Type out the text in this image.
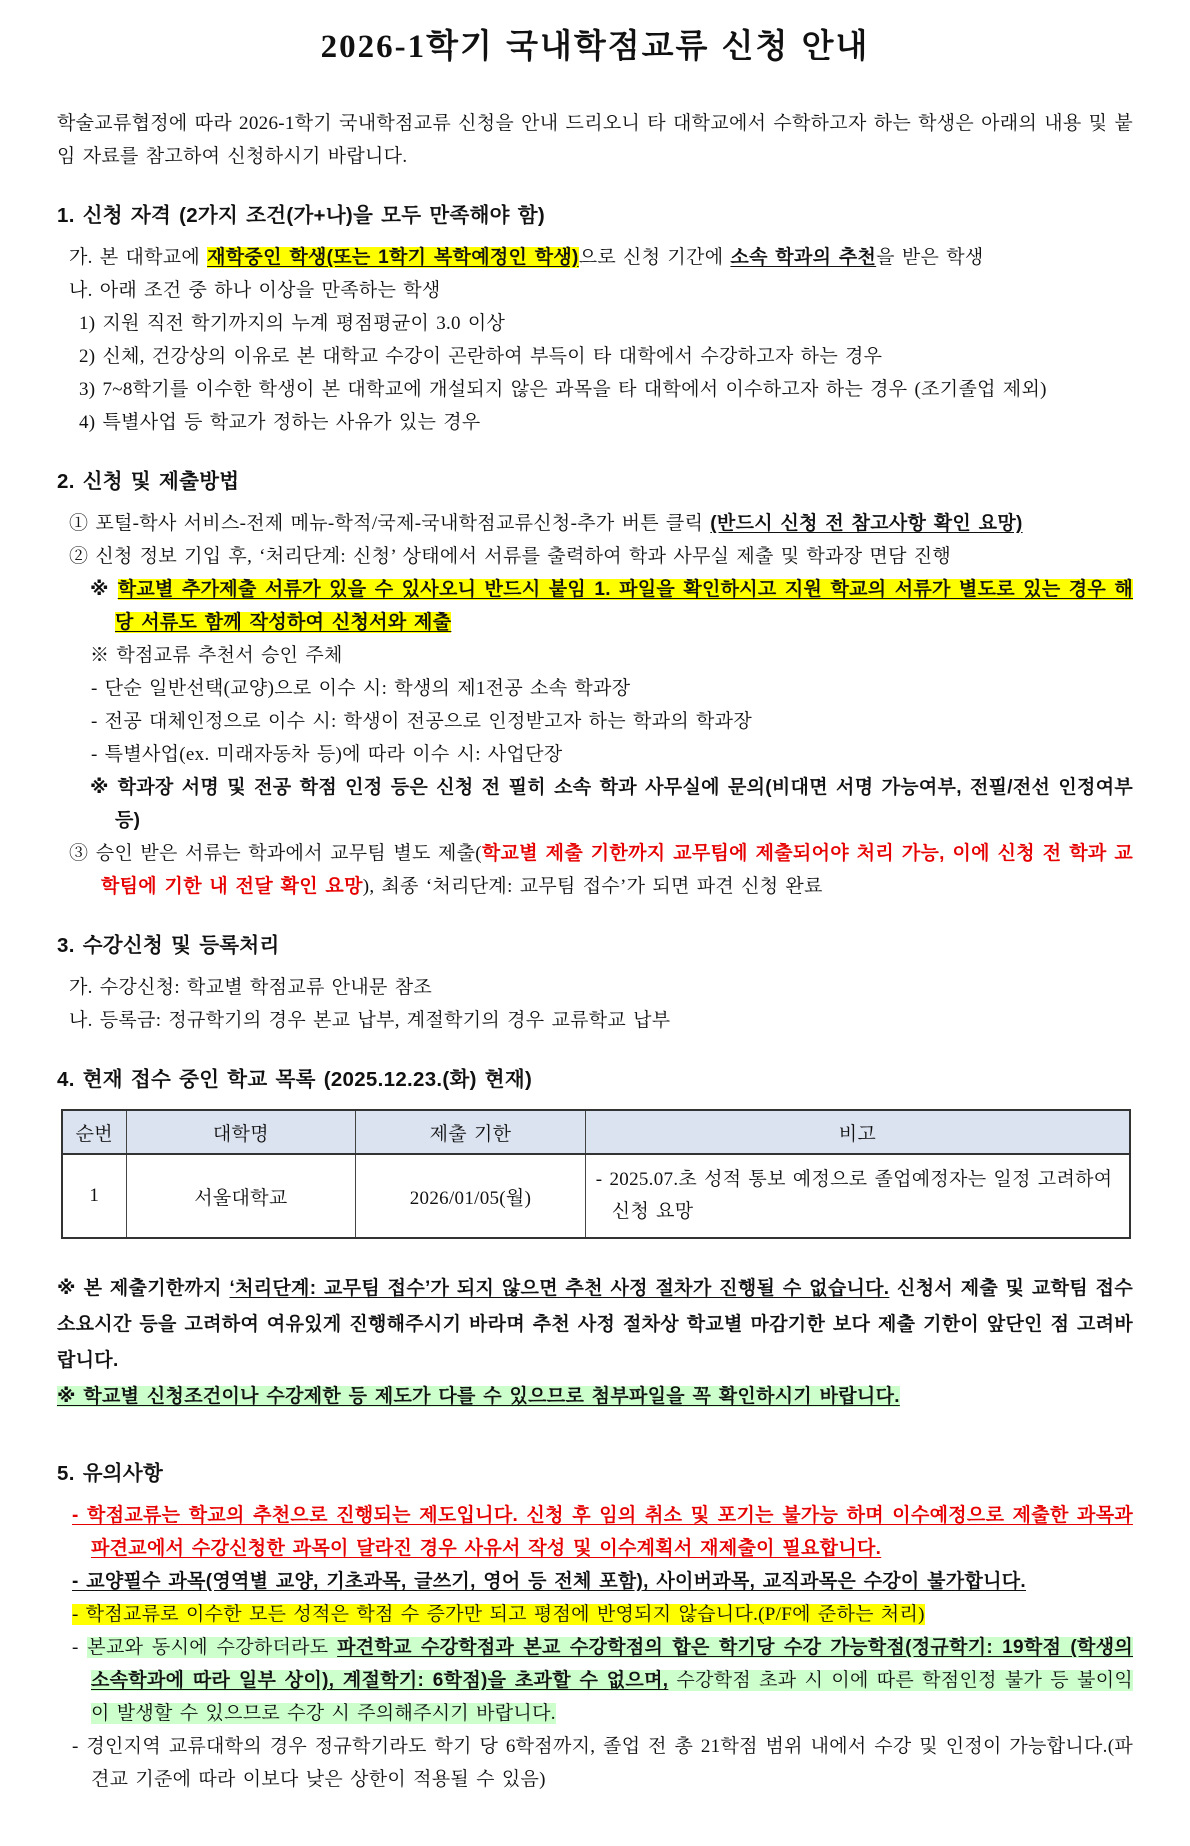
2026-1학기 국내학점교류 신청 안내

학술교류협정에 따라 2026-1학기 국내학점교류 신청을 안내 드리오니 타 대학교에서 수학하고자 하는 학생은 아래의 내용 및 붙임 자료를 참고하여 신청하시기 바랍니다.

1. 신청 자격 (2가지 조건(가+나)을 모두 만족해야 함)

가. 본 대학교에 재학중인 학생(또는 1학기 복학예정인 학생)으로 신청 기간에 소속 학과의 추천을 받은 학생

나. 아래 조건 중 하나 이상을 만족하는 학생

1) 지원 직전 학기까지의 누계 평점평균이 3.0 이상

2) 신체, 건강상의 이유로 본 대학교 수강이 곤란하여 부득이 타 대학에서 수강하고자 하는 경우

3) 7~8학기를 이수한 학생이 본 대학교에 개설되지 않은 과목을 타 대학에서 이수하고자 하는 경우 (조기졸업 제외)

4) 특별사업 등 학교가 정하는 사유가 있는 경우

2. 신청 및 제출방법

① 포털-학사 서비스-전제 메뉴-학적/국제-국내학점교류신청-추가 버튼 클릭 (반드시 신청 전 참고사항 확인 요망)

② 신청 정보 기입 후, ‘처리단계: 신청’ 상태에서 서류를 출력하여 학과 사무실 제출 및 학과장 면담 진행

※ 학교별 추가제출 서류가 있을 수 있사오니 반드시 붙임 1. 파일을 확인하시고 지원 학교의 서류가 별도로 있는 경우 해당 서류도 함께 작성하여 신청서와 제출

※ 학점교류 추천서 승인 주체

- 단순 일반선택(교양)으로 이수 시: 학생의 제1전공 소속 학과장

- 전공 대체인정으로 이수 시: 학생이 전공으로 인정받고자 하는 학과의 학과장

- 특별사업(ex. 미래자동차 등)에 따라 이수 시: 사업단장

※ 학과장 서명 및 전공 학점 인정 등은 신청 전 필히 소속 학과 사무실에 문의(비대면 서명 가능여부, 전필/전선 인정여부 등)

③ 승인 받은 서류는 학과에서 교무팀 별도 제출(학교별 제출 기한까지 교무팀에 제출되어야 처리 가능, 이에 신청 전 학과 교학팀에 기한 내 전달 확인 요망), 최종 ‘처리단계: 교무팀 접수’가 되면 파견 신청 완료

3. 수강신청 및 등록처리

가. 수강신청: 학교별 학점교류 안내문 참조

나. 등록금: 정규학기의 경우 본교 납부, 계절학기의 경우 교류학교 납부

4. 현재 접수 중인 학교 목록 (2025.12.23.(화) 현재)
순번	대학명	제출 기한	비고
1	서울대학교	2026/01/05(월)	- 2025.07.초 성적 통보 예정으로 졸업예정자는 일정 고려하여 신청 요망

※ 본 제출기한까지 ‘처리단계: 교무팀 접수’가 되지 않으면 추천 사정 절차가 진행될 수 없습니다. 신청서 제출 및 교학팀 접수 소요시간 등을 고려하여 여유있게 진행해주시기 바라며 추천 사정 절차상 학교별 마감기한 보다 제출 기한이 앞단인 점 고려바랍니다.

※ 학교별 신청조건이나 수강제한 등 제도가 다를 수 있으므로 첨부파일을 꼭 확인하시기 바랍니다.

5. 유의사항

- 학점교류는 학교의 추천으로 진행되는 제도입니다. 신청 후 임의 취소 및 포기는 불가능 하며 이수예정으로 제출한 과목과 파견교에서 수강신청한 과목이 달라진 경우 사유서 작성 및 이수계획서 재제출이 필요합니다.

- 교양필수 과목(영역별 교양, 기초과목, 글쓰기, 영어 등 전체 포함), 사이버과목, 교직과목은 수강이 불가합니다.

- 학점교류로 이수한 모든 성적은 학점 수 증가만 되고 평점에 반영되지 않습니다.(P/F에 준하는 처리)

- 본교와 동시에 수강하더라도 파견학교 수강학점과 본교 수강학점의 합은 학기당 수강 가능학점(정규학기: 19학점 (학생의 소속학과에 따라 일부 상이), 계절학기: 6학점)을 초과할 수 없으며, 수강학점 초과 시 이에 따른 학점인정 불가 등 불이익이 발생할 수 있으므로 수강 시 주의해주시기 바랍니다.

- 경인지역 교류대학의 경우 정규학기라도 학기 당 6학점까지, 졸업 전 총 21학점 범위 내에서 수강 및 인정이 가능합니다.(파견교 기준에 따라 이보다 낮은 상한이 적용될 수 있음)
